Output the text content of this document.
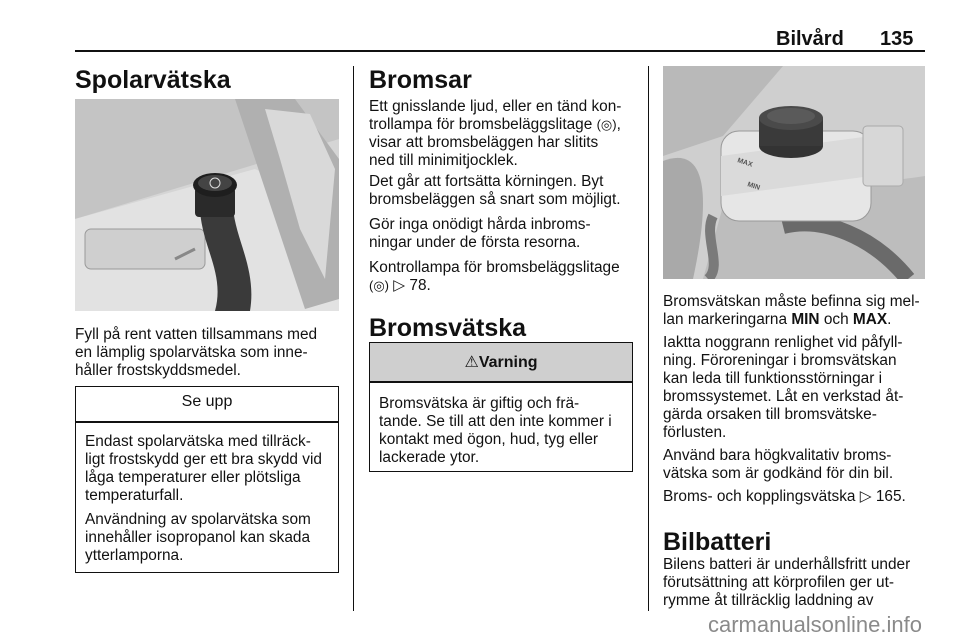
Bilvård 135
Spolarvätska

Fyll på rent vatten tillsammans med
en lämplig spolarvätska som inne-
håller frostskyddsmedel.

Se upp

Endast spolarvätska med tillräck-
ligt frostskydd ger ett bra skydd vid
låga temperaturer eller plötsliga
temperaturfall.

Användning av spolarvätska som
innehåller isopropanol kan skada
ytterlamporna.

Bromsar

Ett gnisslande ljud, eller en tänd kon-
trollampa för bromsbeläggslitage (◎),
visar att bromsbeläggen har slitits
ned till minimitjocklek.

Det går att fortsätta körningen. Byt
bromsbeläggen så snart som möjligt.

Gör inga onödigt hårda inbroms-
ningar under de första resorna.

Kontrollampa för bromsbeläggslitage
(◎) ▷ 78.

Bromsvätska
⚠Varning

Bromsvätska är giftig och frä-
tande. Se till att den inte kommer i
kontakt med ögon, hud, tyg eller
lackerade ytor.

MAX
MIN

Bromsvätskan måste befinna sig mel-
lan markeringarna MIN och MAX.

Iaktta noggrann renlighet vid påfyll-
ning. Föroreningar i bromsvätskan
kan leda till funktionsstörningar i
bromssystemet. Låt en verkstad åt-
gärda orsaken till bromsvätske-
förlusten.

Använd bara högkvalitativ broms-
vätska som är godkänd för din bil.

Broms- och kopplingsvätska ▷ 165.

Bilbatteri

Bilens batteri är underhållsfritt under
förutsättning att körprofilen ger ut-
rymme åt tillräcklig laddning av

carmanualsonline.info
